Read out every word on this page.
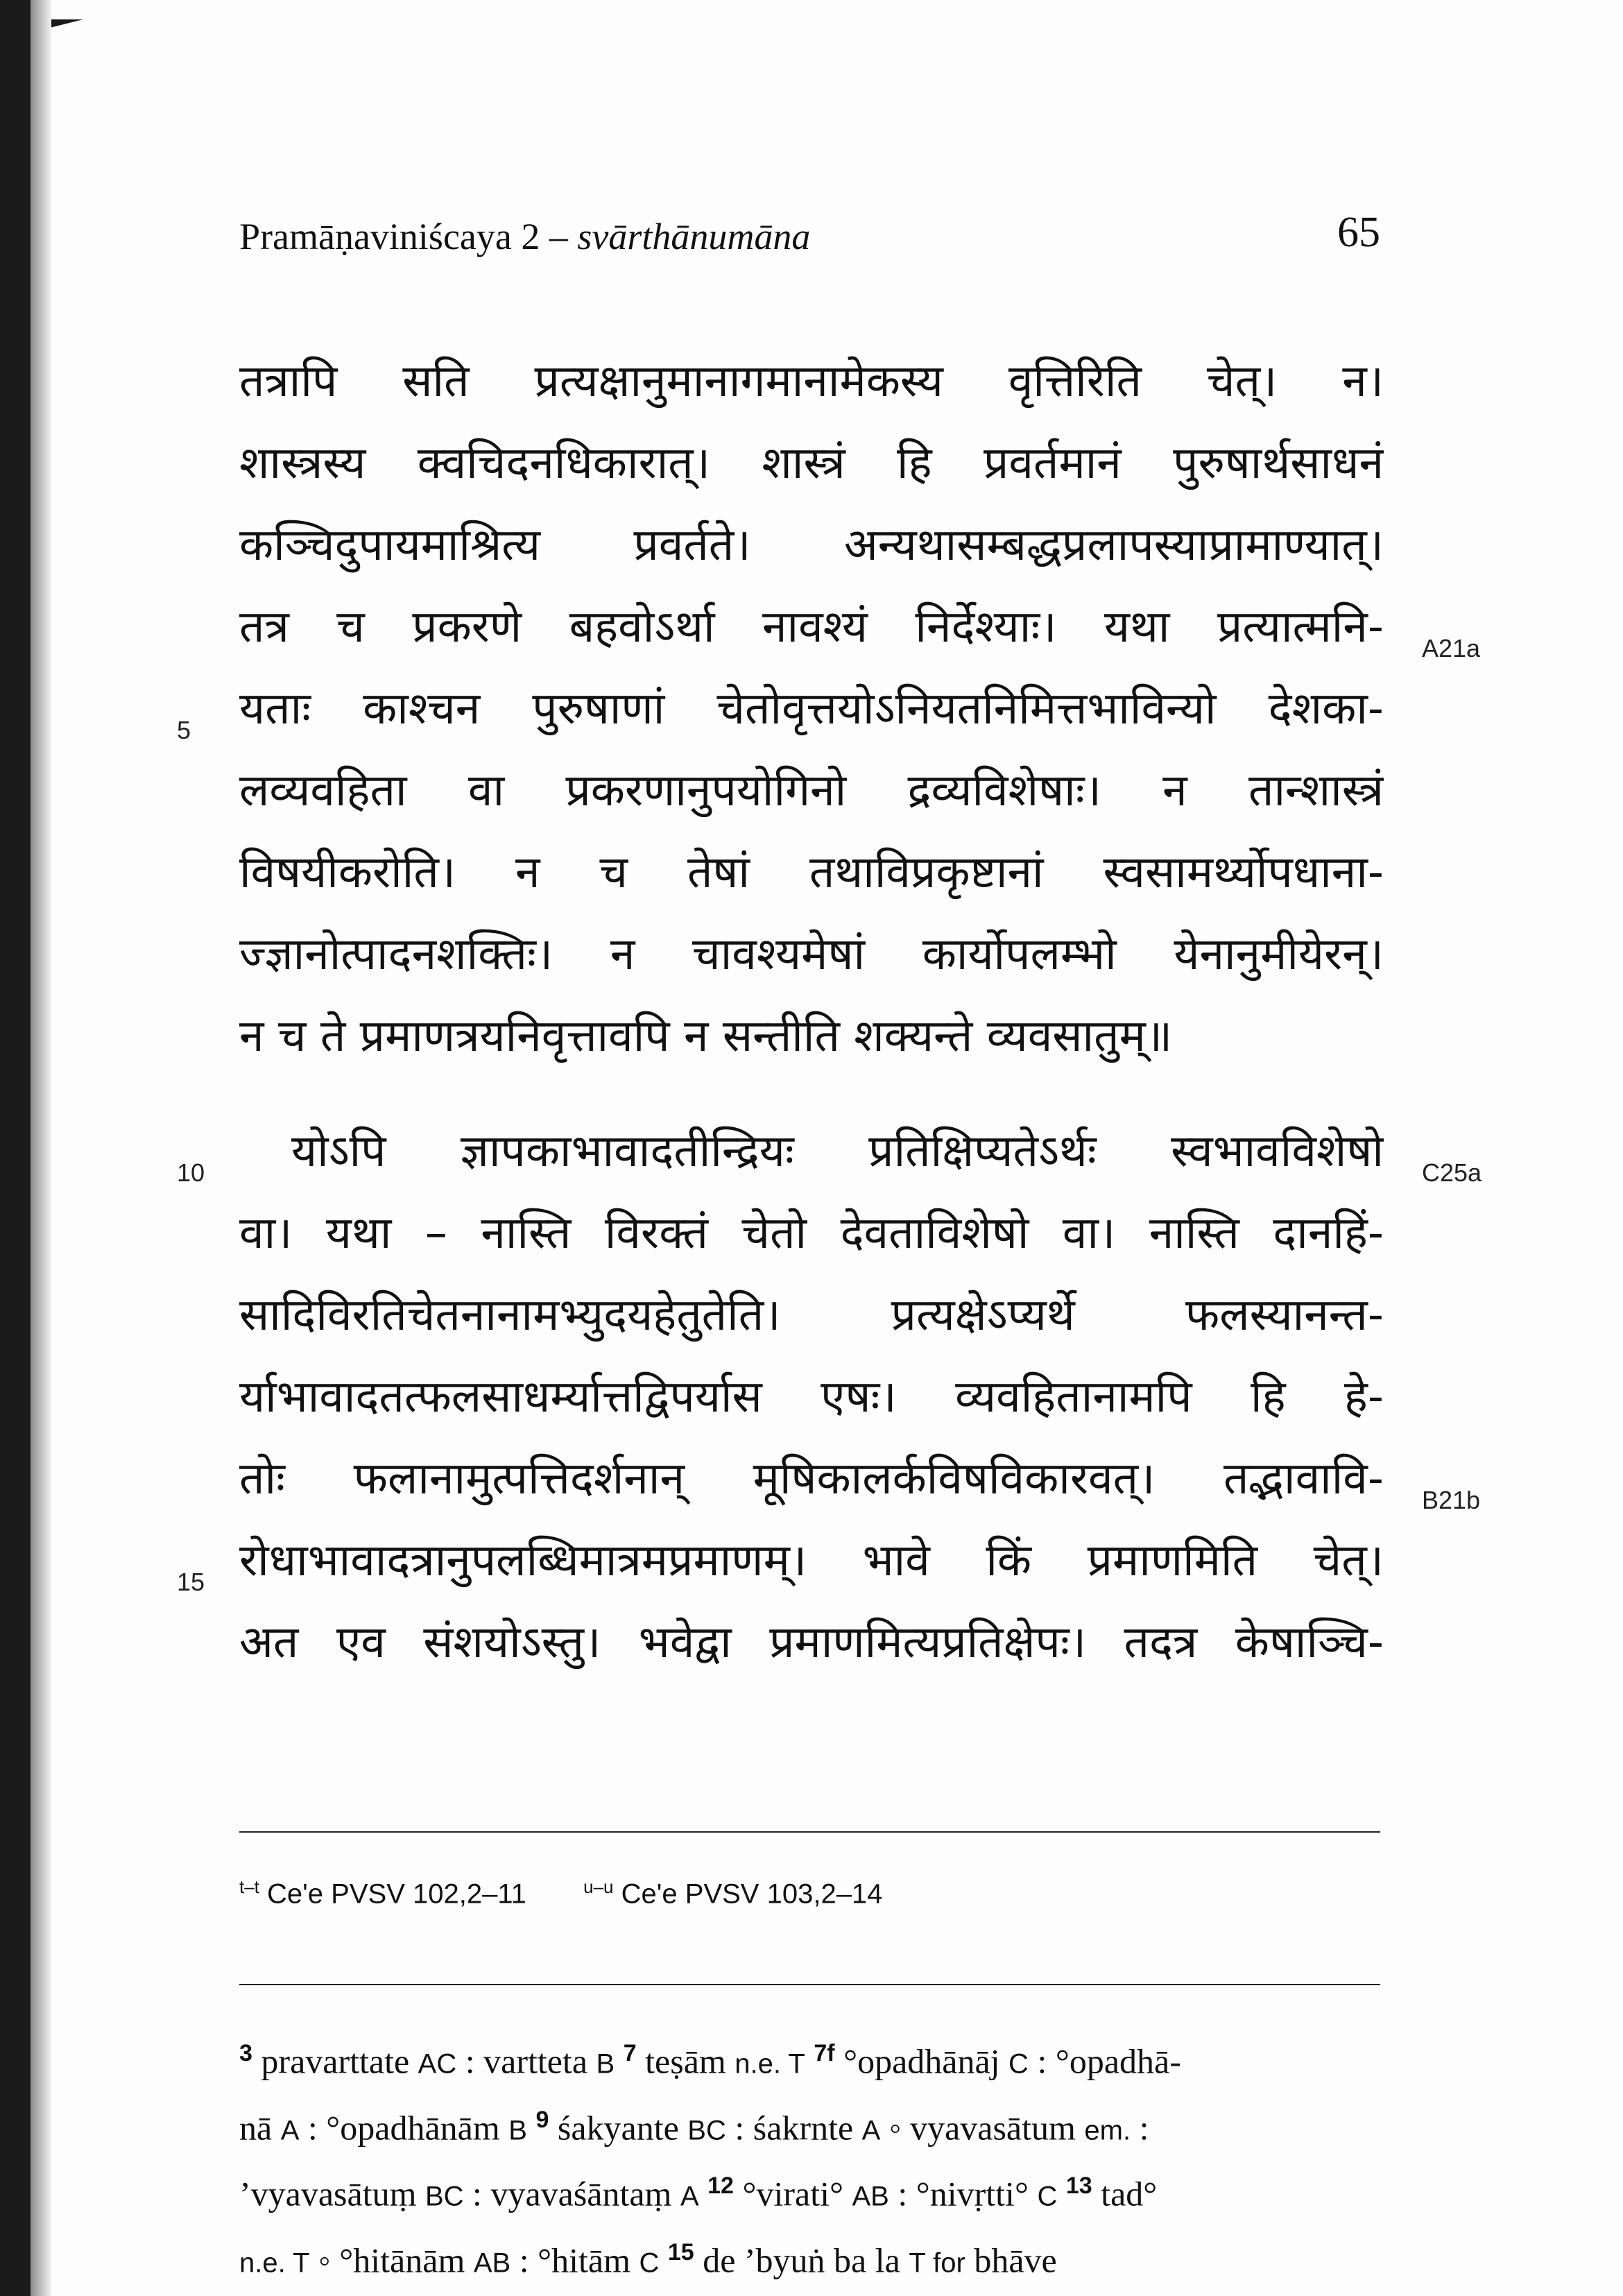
Pramāṇaviniścaya 2 – svārthānumāna	65
तत्रापि सति प्रत्यक्षानुमानागमानामेकस्य वृत्तिरिति चेत्। न।
शास्त्रस्य क्वचिदनधिकारात्। शास्त्रं हि प्रवर्तमानं पुरुषार्थसाधनं
कञ्चिदुपायमाश्रित्य प्रवर्तते। अन्यथासम्बद्धप्रलापस्याप्रामाण्यात्।
तत्र च प्रकरणे बहवोऽर्था नावश्यं निर्देश्याः। यथा प्रत्यात्मनि-
यताः काश्चन पुरुषाणां चेतोवृत्तयोऽनियतनिमित्तभाविन्यो देशका-
लव्यवहिता वा प्रकरणानुपयोगिनो द्रव्यविशेषाः। न तान्शास्त्रं
विषयीकरोति। न च तेषां तथाविप्रकृष्टानां स्वसामर्थ्योपधाना-
ज्ज्ञानोत्पादनशक्तिः। न चावश्यमेषां कार्योपलम्भो येनानुमीयेरन्।
न च ते प्रमाणत्रयनिवृत्तावपि न सन्तीति शक्यन्ते व्यवसातुम्॥
योऽपि ज्ञापकाभावादतीन्द्रियः प्रतिक्षिप्यतेऽर्थः स्वभावविशेषो
वा। यथा – नास्ति विरक्तं चेतो देवताविशेषो वा। नास्ति दानहिं-
सादिविरतिचेतनानामभ्युदयहेतुतेति। प्रत्यक्षेऽप्यर्थे फलस्यानन्त-
र्याभावादतत्फलसाधर्म्यात्तद्विपर्यास एषः। व्यवहितानामपि हि हे-
तोः फलानामुत्पत्तिदर्शनान् मूषिकालर्कविषविकारवत्। तद्भावावि-
रोधाभावादत्रानुपलब्धिमात्रमप्रमाणम्। भावे किं प्रमाणमिति चेत्।
अत एव संशयोऽस्तु। भवेद्वा प्रमाणमित्यप्रतिक्षेपः। तदत्र केषाञ्चि-
5
10
15
A21a
C25a
B21b
$^{t-t}$ Ce'e PVSV 102,2–11	$^{u-u}$ Ce'e PVSV 103,2–14
$^3$ pravarttate AC : vartteta B $^7$ teṣām n.e. T $^{7f}$ °opadhānāj C : °opadhā-
nā A : °opadhānām B $^9$ śakyante BC : śakrnte A ◦ vyavasātum em. :
’vyavasātuṃ BC : vyavaśāntaṃ A $^{12}$ °virati° AB : °nivṛtti° C $^{13}$ tad°
n.e. T ◦ °hitānām AB : °hitām C $^{15}$ de ’byuṅ ba la T for bhāve
